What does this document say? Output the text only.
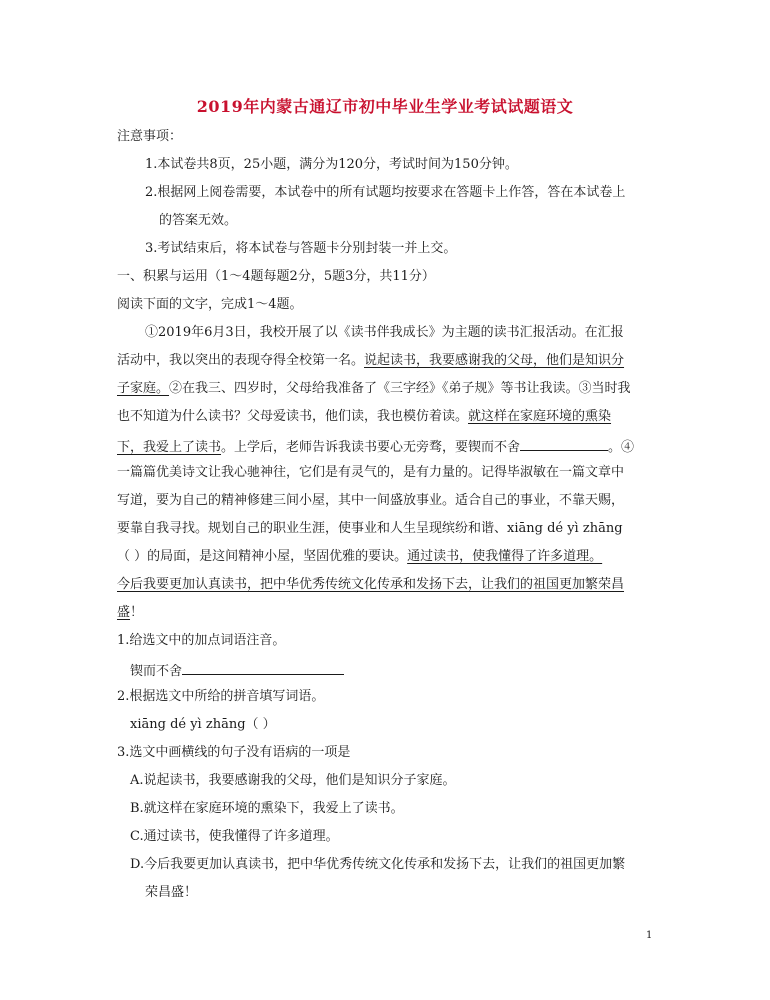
2019年内蒙古通辽市初中毕业生学业考试试题语文
注意事项：
1.本试卷共8页，25小题，满分为120分，考试时间为150分钟。
2.根据网上阅卷需要，本试卷中的所有试题均按要求在答题卡上作答，答在本试卷上
的答案无效。
3.考试结束后，将本试卷与答题卡分别封装一并上交。
一、积累与运用（1～4题每题2分，5题3分，共11分）
阅读下面的文字，完成1～4题。
①2019年6月3日，我校开展了以《读书伴我成长》为主题的读书汇报活动。在汇报
活动中，我以突出的表现夺得全校第一名。说起读书，我要感谢我的父母，他们是知识分
子家庭。②在我三、四岁时，父母给我准备了《三字经》《弟子规》等书让我读。③当时我
也不知道为什么读书？父母爱读书，他们读，我也模仿着读。就这样在家庭环境的熏染
下，我爱上了读书。上学后，老师告诉我读书要心无旁骛，要锲而不舍	。④
一篇篇优美诗文让我心驰神往，它们是有灵气的，是有力量的。记得毕淑敏在一篇文章中
写道，要为自己的精神修建三间小屋，其中一间盛放事业。适合自己的事业，不靠天赐，
要靠自我寻找。规划自己的职业生涯，使事业和人生呈现缤纷和谐、xiāng dé yì zhāng
（ ）的局面，是这间精神小屋，坚固优雅的要诀。通过读书，使我懂得了许多道理。
今后我要更加认真读书，把中华优秀传统文化传承和发扬下去，让我们的祖国更加繁荣昌
盛！
1.给选文中的加点词语注音。
锲而不舍
2.根据选文中所给的拼音填写词语。
xiāng dé yì zhāng（ ）
3.选文中画横线的句子没有语病的一项是
A.说起读书，我要感谢我的父母，他们是知识分子家庭。
B.就这样在家庭环境的熏染下，我爱上了读书。
C.通过读书，使我懂得了许多道理。
D.今后我要更加认真读书，把中华优秀传统文化传承和发扬下去，让我们的祖国更加繁
荣昌盛！
1
